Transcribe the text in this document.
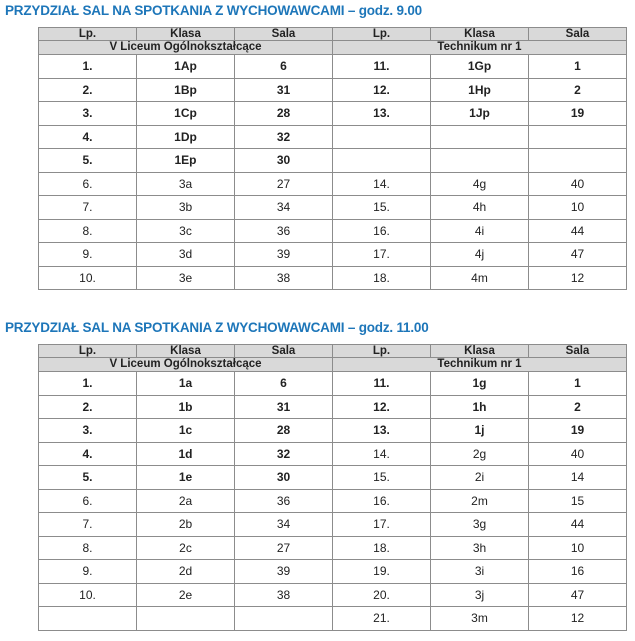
PRZYDZIAŁ SAL NA SPOTKANIA Z WYCHOWAWCAMI – godz. 9.00
Lp.	Klasa	Sala	Lp.	Klasa	Sala
V Liceum Ogólnokształcące			Technikum nr 1		
1.	1Ap	6	11.	1Gp	1
2.	1Bp	31	12.	1Hp	2
3.	1Cp	28	13.	1Jp	19
4.	1Dp	32			
5.	1Ep	30			
6.	3a	27	14.	4g	40
7.	3b	34	15.	4h	10
8.	3c	36	16.	4i	44
9.	3d	39	17.	4j	47
10.	3e	38	18.	4m	12
PRZYDZIAŁ SAL NA SPOTKANIA Z WYCHOWAWCAMI – godz. 11.00
Lp.	Klasa	Sala	Lp.	Klasa	Sala
V Liceum Ogólnokształcące			Technikum nr 1		
1.	1a	6	11.	1g	1
2.	1b	31	12.	1h	2
3.	1c	28	13.	1j	19
4.	1d	32	14.	2g	40
5.	1e	30	15.	2i	14
6.	2a	36	16.	2m	15
7.	2b	34	17.	3g	44
8.	2c	27	18.	3h	10
9.	2d	39	19.	3i	16
10.	2e	38	20.	3j	47
			21.	3m	12
